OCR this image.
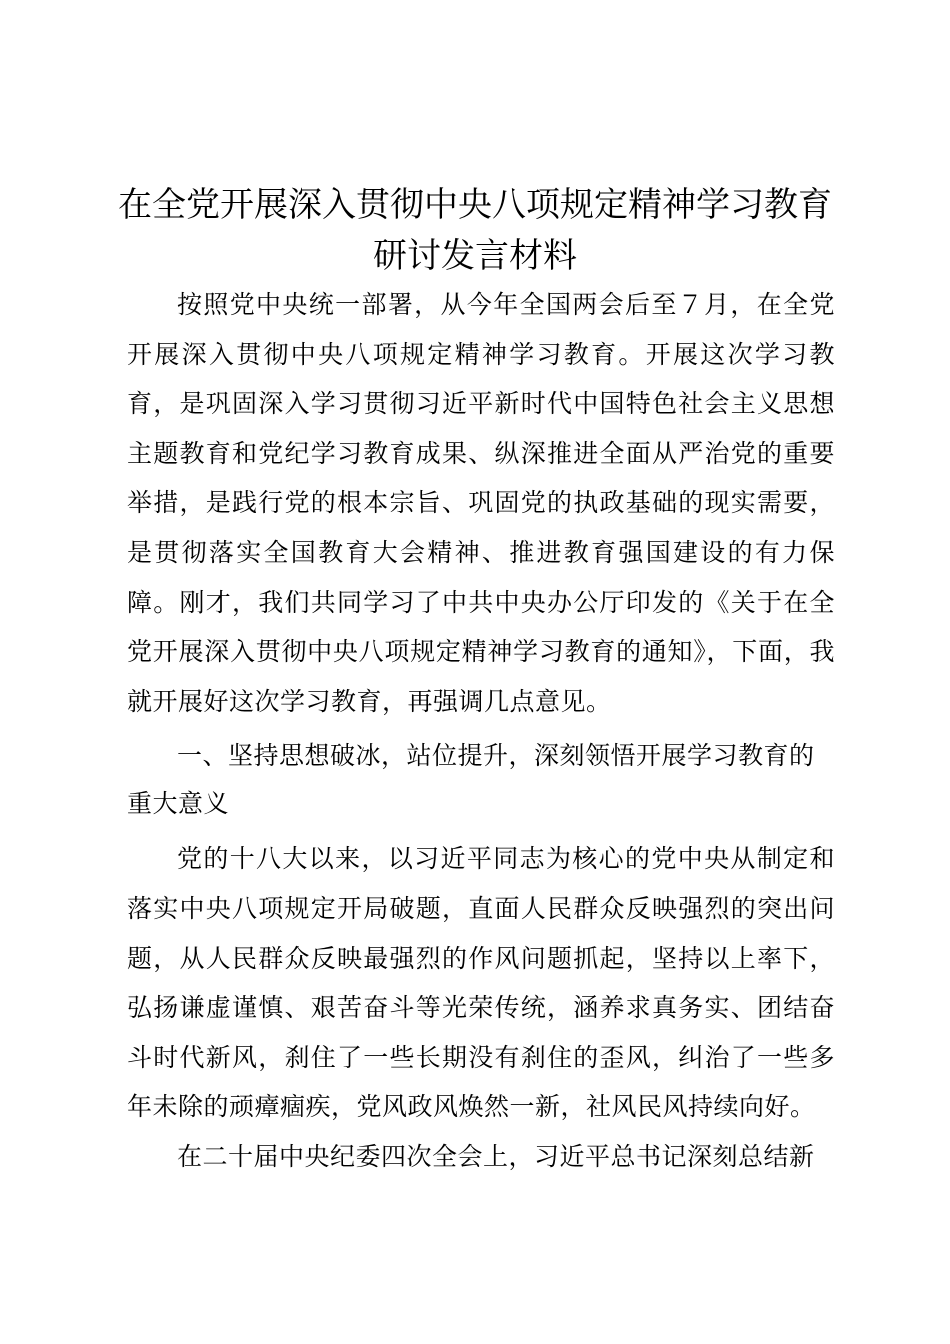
在全党开展深入贯彻中央八项规定精神学习教育研讨发言材料

按照党中央统一部署，从今年全国两会后至７月，在全党开展深入贯彻中央八项规定精神学习教育。开展这次学习教育，是巩固深入学习贯彻习近平新时代中国特色社会主义思想主题教育和党纪学习教育成果、纵深推进全面从严治党的重要举措，是践行党的根本宗旨、巩固党的执政基础的现实需要，是贯彻落实全国教育大会精神、推进教育强国建设的有力保障。刚才，我们共同学习了中共中央办公厅印发的《关于在全党开展深入贯彻中央八项规定精神学习教育的通知》，下面，我就开展好这次学习教育，再强调几点意见。

一、坚持思想破冰，站位提升，深刻领悟开展学习教育的重大意义

党的十八大以来，以习近平同志为核心的党中央从制定和落实中央八项规定开局破题，直面人民群众反映强烈的突出问题，从人民群众反映最强烈的作风问题抓起，坚持以上率下，弘扬谦虚谨慎、艰苦奋斗等光荣传统，涵养求真务实、团结奋斗时代新风，刹住了一些长期没有刹住的歪风，纠治了一些多年未除的顽瘴痼疾，党风政风焕然一新，社风民风持续向好。

在二十届中央纪委四次全会上，习近平总书记深刻总结新
